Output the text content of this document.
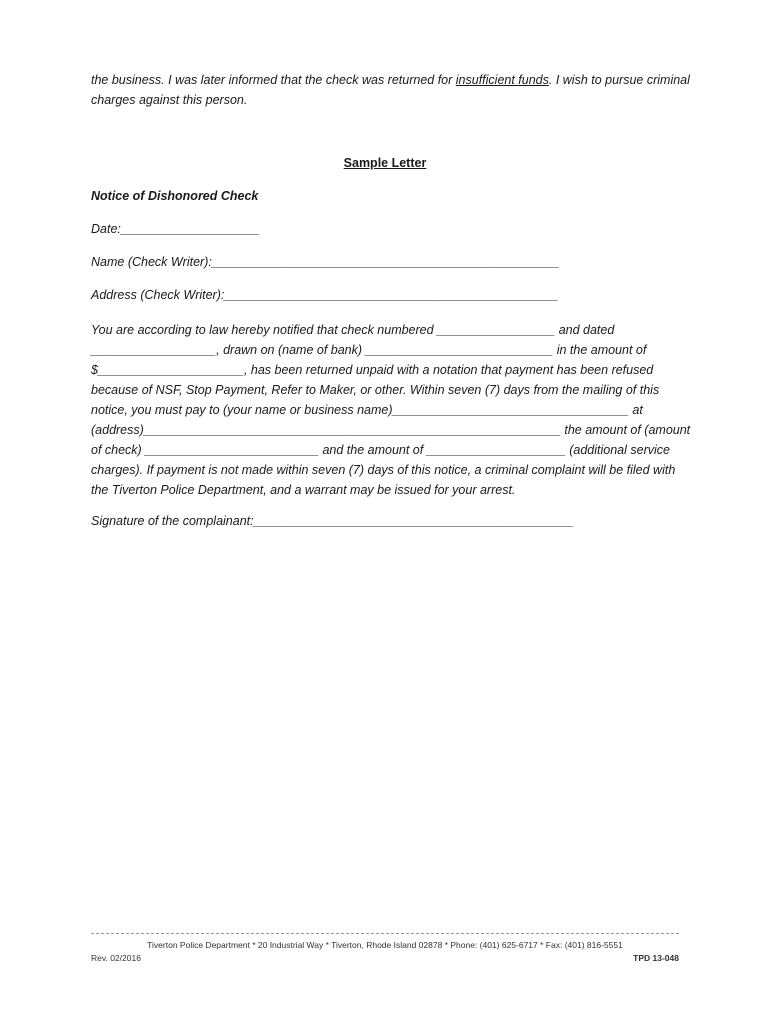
the business. I was later informed that the check was returned for insufficient funds. I wish to pursue criminal charges against this person.
Sample Letter
Notice of Dishonored Check
Date:____________________
Name (Check Writer):__________________________________________________
Address (Check Writer):________________________________________________
You are according to law hereby notified that check numbered _________________ and dated __________________, drawn on (name of bank) ___________________________ in the amount of $_____________________, has been returned unpaid with a notation that payment has been refused because of NSF, Stop Payment, Refer to Maker, or other. Within seven (7) days from the mailing of this notice, you must pay to (your name or business name)__________________________________ at (address)____________________________________________________________ the amount of (amount of check) _________________________ and the amount of ____________________ (additional service charges). If payment is not made within seven (7) days of this notice, a criminal complaint will be filed with the Tiverton Police Department, and a warrant may be issued for your arrest.
Signature of the complainant:______________________________________________
Tiverton Police Department * 20 Industrial Way * Tiverton, Rhode Island 02878 * Phone: (401) 625-6717 * Fax: (401) 816-5551
Rev. 02/2016	TPD 13-048
